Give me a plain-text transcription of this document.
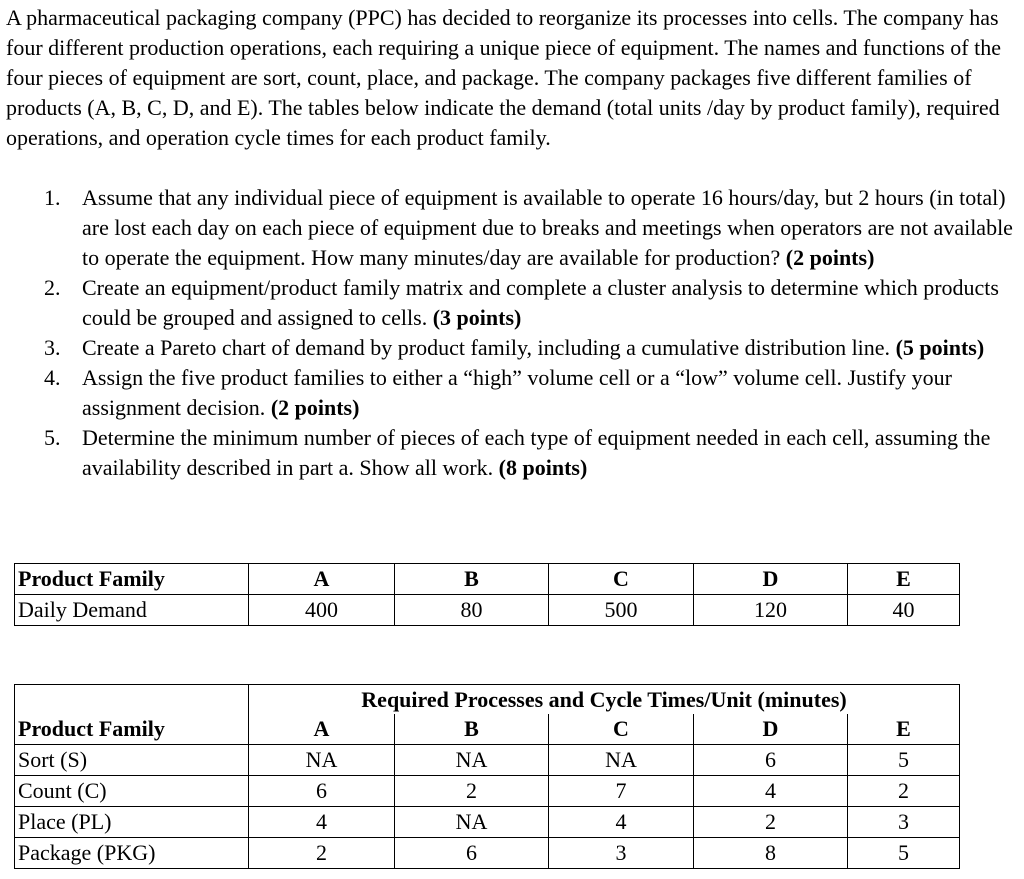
A pharmaceutical packaging company (PPC) has decided to reorganize its processes into cells. The company has four different production operations, each requiring a unique piece of equipment. The names and functions of the four pieces of equipment are sort, count, place, and package. The company packages five different families of products (A, B, C, D, and E). The tables below indicate the demand (total units /day by product family), required operations, and operation cycle times for each product family.

1. Assume that any individual piece of equipment is available to operate 16 hours/day, but 2 hours (in total) are lost each day on each piece of equipment due to breaks and meetings when operators are not available to operate the equipment. How many minutes/day are available for production? (2 points)
2. Create an equipment/product family matrix and complete a cluster analysis to determine which products could be grouped and assigned to cells. (3 points)
3. Create a Pareto chart of demand by product family, including a cumulative distribution line. (5 points)
4. Assign the five product families to either a “high” volume cell or a “low” volume cell. Justify your assignment decision. (2 points)
5. Determine the minimum number of pieces of each type of equipment needed in each cell, assuming the availability described in part a. Show all work. (8 points)
Product Family	A	B	C	D	E
Daily Demand	400	80	500	120	40
	Required Processes and Cycle Times/Unit (minutes)				
Product Family	A	B	C	D	E
Sort (S)	NA	NA	NA	6	5
Count (C)	6	2	7	4	2
Place (PL)	4	NA	4	2	3
Package (PKG)	2	6	3	8	5
